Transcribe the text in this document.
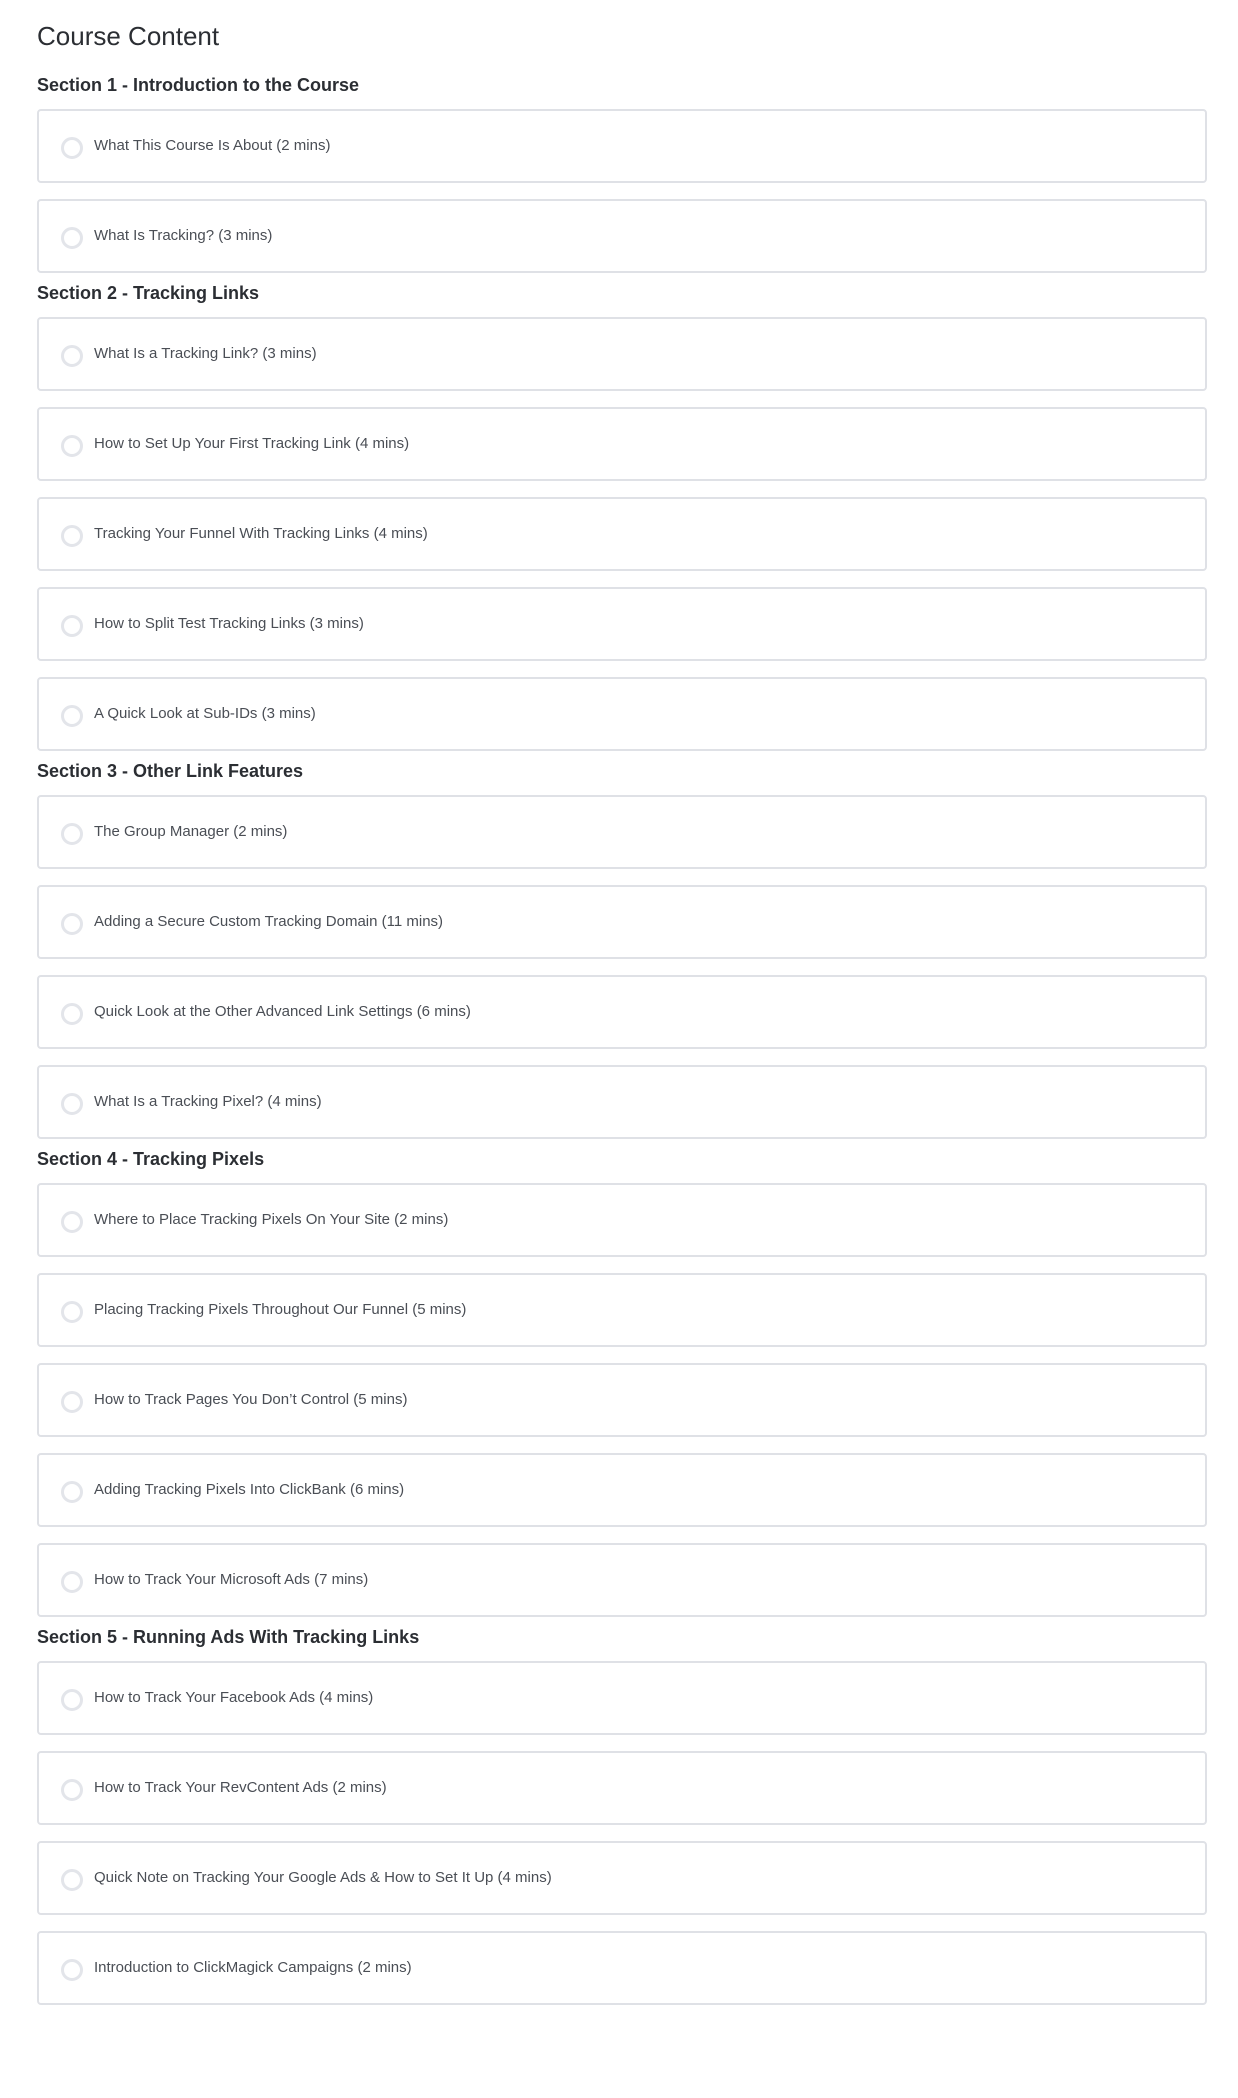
Course Content
Section 1 - Introduction to the Course
What This Course Is About (2 mins)
What Is Tracking? (3 mins)
Section 2 - Tracking Links
What Is a Tracking Link? (3 mins)
How to Set Up Your First Tracking Link (4 mins)
Tracking Your Funnel With Tracking Links (4 mins)
How to Split Test Tracking Links (3 mins)
A Quick Look at Sub-IDs (3 mins)
Section 3 - Other Link Features
The Group Manager (2 mins)
Adding a Secure Custom Tracking Domain (11 mins)
Quick Look at the Other Advanced Link Settings (6 mins)
What Is a Tracking Pixel? (4 mins)
Section 4 - Tracking Pixels
Where to Place Tracking Pixels On Your Site (2 mins)
Placing Tracking Pixels Throughout Our Funnel (5 mins)
How to Track Pages You Don’t Control (5 mins)
Adding Tracking Pixels Into ClickBank (6 mins)
How to Track Your Microsoft Ads (7 mins)
Section 5 - Running Ads With Tracking Links
How to Track Your Facebook Ads (4 mins)
How to Track Your RevContent Ads (2 mins)
Quick Note on Tracking Your Google Ads & How to Set It Up (4 mins)
Introduction to ClickMagick Campaigns (2 mins)
